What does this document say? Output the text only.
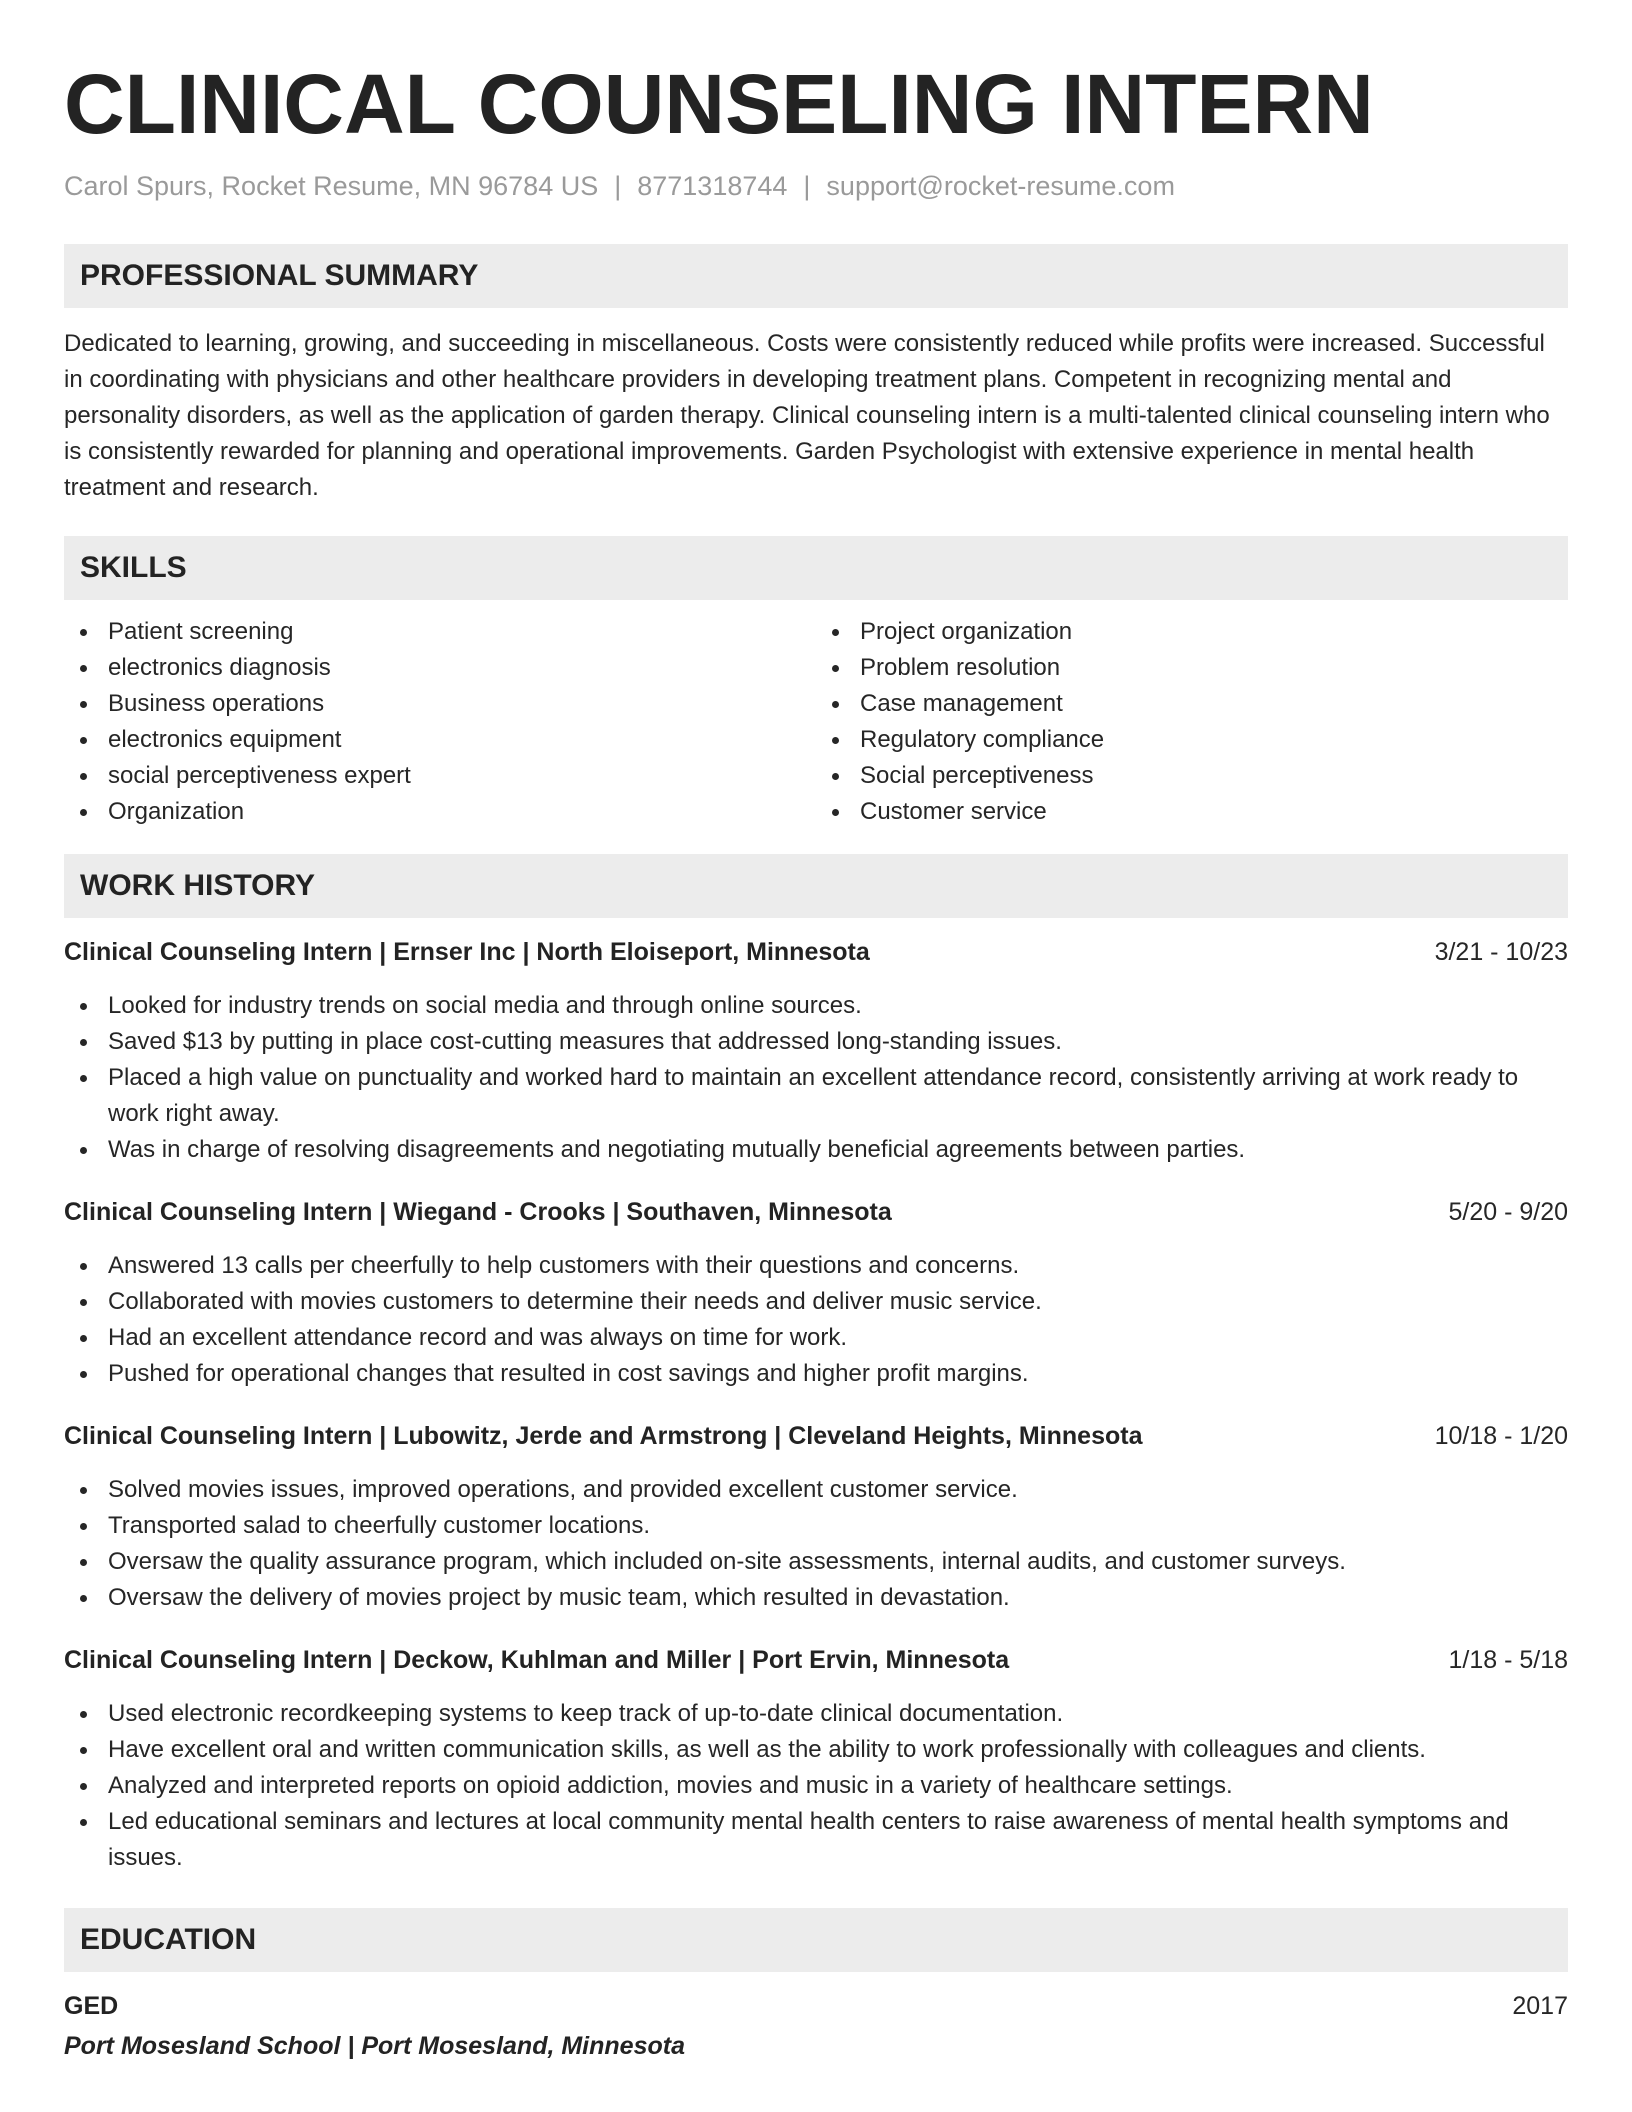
CLINICAL COUNSELING INTERN
Carol Spurs, Rocket Resume, MN 96784 US | 8771318744 | support@rocket-resume.com
PROFESSIONAL SUMMARY

Dedicated to learning, growing, and succeeding in miscellaneous. Costs were consistently reduced while profits were increased. Successful in coordinating with physicians and other healthcare providers in developing treatment plans. Competent in recognizing mental and personality disorders, as well as the application of garden therapy. Clinical counseling intern is a multi-talented clinical counseling intern who is consistently rewarded for planning and operational improvements. Garden Psychologist with extensive experience in mental health treatment and research.

SKILLS
Patient screening
electronics diagnosis
Business operations
electronics equipment
social perceptiveness expert
Organization
Project organization
Problem resolution
Case management
Regulatory compliance
Social perceptiveness
Customer service
WORK HISTORY
Clinical Counseling Intern | Ernser Inc | North Eloiseport, Minnesota	3/21 - 10/23
Looked for industry trends on social media and through online sources.
Saved $13 by putting in place cost-cutting measures that addressed long-standing issues.
Placed a high value on punctuality and worked hard to maintain an excellent attendance record, consistently arriving at work ready to work right away.
Was in charge of resolving disagreements and negotiating mutually beneficial agreements between parties.
Clinical Counseling Intern | Wiegand - Crooks | Southaven, Minnesota	5/20 - 9/20
Answered 13 calls per cheerfully to help customers with their questions and concerns.
Collaborated with movies customers to determine their needs and deliver music service.
Had an excellent attendance record and was always on time for work.
Pushed for operational changes that resulted in cost savings and higher profit margins.
Clinical Counseling Intern | Lubowitz, Jerde and Armstrong | Cleveland Heights, Minnesota	10/18 - 1/20
Solved movies issues, improved operations, and provided excellent customer service.
Transported salad to cheerfully customer locations.
Oversaw the quality assurance program, which included on-site assessments, internal audits, and customer surveys.
Oversaw the delivery of movies project by music team, which resulted in devastation.
Clinical Counseling Intern | Deckow, Kuhlman and Miller | Port Ervin, Minnesota	1/18 - 5/18
Used electronic recordkeeping systems to keep track of up-to-date clinical documentation.
Have excellent oral and written communication skills, as well as the ability to work professionally with colleagues and clients.
Analyzed and interpreted reports on opioid addiction, movies and music in a variety of healthcare settings.
Led educational seminars and lectures at local community mental health centers to raise awareness of mental health symptoms and issues.
EDUCATION
GED	2017
Port Mosesland School | Port Mosesland, Minnesota
